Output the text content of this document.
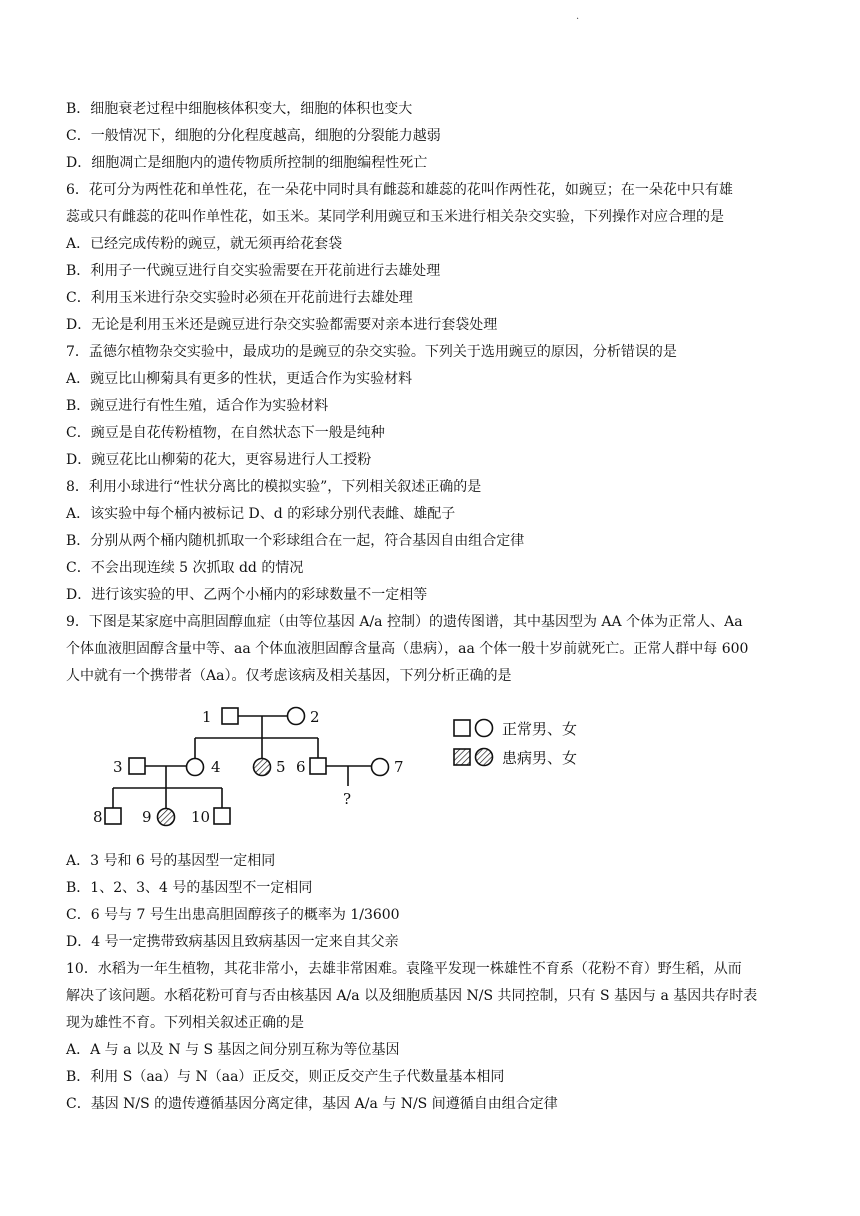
·
B．细胞衰老过程中细胞核体积变大，细胞的体积也变大
C．一般情况下，细胞的分化程度越高，细胞的分裂能力越弱
D．细胞凋亡是细胞内的遗传物质所控制的细胞编程性死亡
6．花可分为两性花和单性花，在一朵花中同时具有雌蕊和雄蕊的花叫作两性花，如豌豆；在一朵花中只有雄
蕊或只有雌蕊的花叫作单性花，如玉米。某同学利用豌豆和玉米进行相关杂交实验，下列操作对应合理的是
A．已经完成传粉的豌豆，就无须再给花套袋
B．利用子一代豌豆进行自交实验需要在开花前进行去雄处理
C．利用玉米进行杂交实验时必须在开花前进行去雄处理
D．无论是利用玉米还是豌豆进行杂交实验都需要对亲本进行套袋处理
7．孟德尔植物杂交实验中，最成功的是豌豆的杂交实验。下列关于选用豌豆的原因，分析错误的是
A．豌豆比山柳菊具有更多的性状，更适合作为实验材料
B．豌豆进行有性生殖，适合作为实验材料
C．豌豆是自花传粉植物，在自然状态下一般是纯种
D．豌豆花比山柳菊的花大，更容易进行人工授粉
8．利用小球进行“性状分离比的模拟实验”，下列相关叙述正确的是
A．该实验中每个桶内被标记 D、d 的彩球分别代表雌、雄配子
B．分别从两个桶内随机抓取一个彩球组合在一起，符合基因自由组合定律
C．不会出现连续 5 次抓取 dd 的情况
D．进行该实验的甲、乙两个小桶内的彩球数量不一定相等
9．下图是某家庭中高胆固醇血症（由等位基因 A/a 控制）的遗传图谱，其中基因型为 AA 个体为正常人、Aa
个体血液胆固醇含量中等、aa 个体血液胆固醇含量高（患病），aa 个体一般十岁前就死亡。正常人群中每 600
人中就有一个携带者（Aa）。仅考虑该病及相关基因，下列分析正确的是
1	2
3	4	5 6	7
?
8	9	10
正常男、女
患病男、女
A．3 号和 6 号的基因型一定相同
B．1、2、3、4 号的基因型不一定相同
C．6 号与 7 号生出患高胆固醇孩子的概率为 1/3600
D．4 号一定携带致病基因且致病基因一定来自其父亲
10．水稻为一年生植物，其花非常小，去雄非常困难。袁隆平发现一株雄性不育系（花粉不育）野生稻，从而
解决了该问题。水稻花粉可育与否由核基因 A/a 以及细胞质基因 N/S 共同控制，只有 S 基因与 a 基因共存时表
现为雄性不育。下列相关叙述正确的是
A．A 与 a 以及 N 与 S 基因之间分别互称为等位基因
B．利用 S（aa）与 N（aa）正反交，则正反交产生子代数量基本相同
C．基因 N/S 的遗传遵循基因分离定律，基因 A/a 与 N/S 间遵循自由组合定律
